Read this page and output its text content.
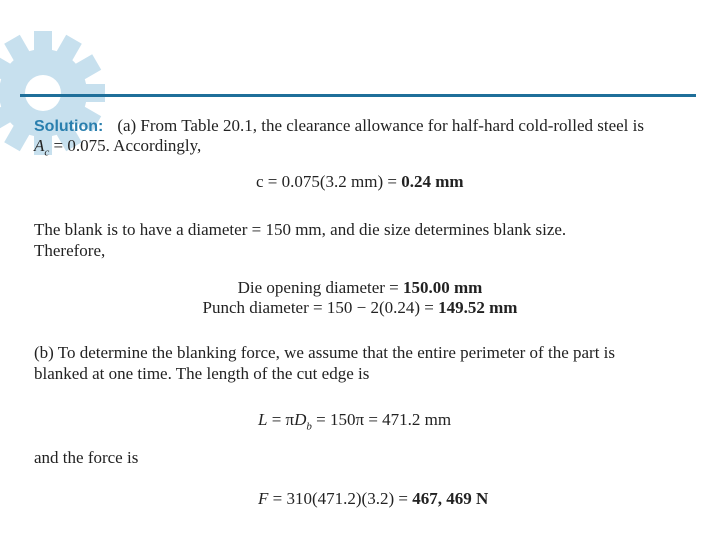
Solution: (a) From Table 20.1, the clearance allowance for half-hard cold-rolled steel is
$A_c = 0.075$. Accordingly,
c = 0.075(3.2 mm) = 0.24 mm
The blank is to have a diameter = 150 mm, and die size determines blank size.
Therefore,
Die opening diameter = 150.00 mm
Punch diameter = 150 − 2(0.24) = 149.52 mm
(b) To determine the blanking force, we assume that the entire perimeter of the part is
blanked at one time. The length of the cut edge is
$L = \pi D_b = 150\pi = 471.2$ mm
and the force is
F = 310(471.2)(3.2) = 467, 469 N
